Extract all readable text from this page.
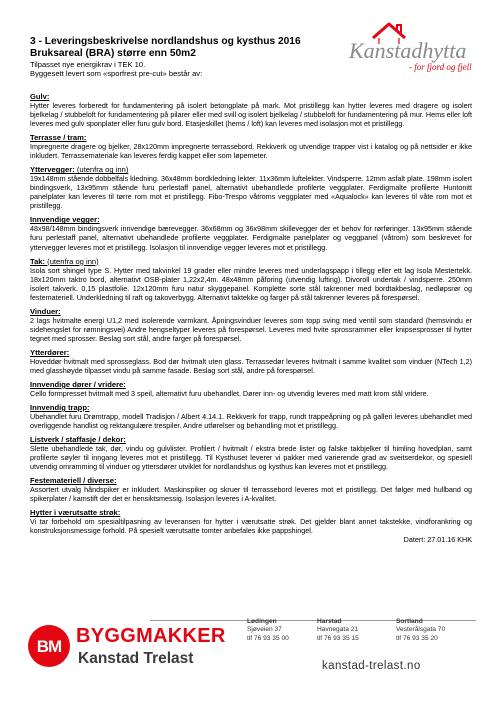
3 - Leveringsbeskrivelse nordlandshus og kysthus 2016

Bruksareal (BRA) større enn 50m2

Tilpasset nye energikrav i TEK 10.

Byggesett levert som «sporfrest pre-cut» består av:

Kanstadhytta
- for fjord og fjell
Gulv:
Hytter leveres forberedt for fundamentering på isolert betongplate på mark. Mot pristillegg kan hytter leveres med dragere og isolert bjelkelag / stubbeloft for fundamentering på pilarer eller med svill og isolert bjelkelag / stubbeloft for fundamentering på mur. Hems eller loft leveres med gulv sponplater eller furu gulv bord. Etasjeskillet (hems / loft) kan leveres med isolasjon mot et pristillegg.
Terrasse / tram:
Impregnerte dragere og bjelker, 28x120mm impregnerte terrassebord. Rekkverk og utvendige trapper vist i katalog og på nettsider er ikke inkludert. Terrassemateriale kan leveres ferdig kappet eller som løpemeter.
Yttervegger: (utenfra og inn)
19x148mm stående dobbelfals kledning. 36x48mm bordkledning lekter. 11x36mm luftelekter. Vindsperre. 12mm asfalt plate. 198mm isolert bindingsverk, 13x95mm stående furu perlestaff panel, alternativt ubehandlede profilerte veggplater. Ferdigmalte profilerte Huntonitt panelplater kan leveres til tørre rom mot et pristillegg. Fibo-Trespo våtroms veggplater med «Aqualock» kan leveres til våte rom mot et pristillegg.
Innvendige vegger:
48x98/148mm bindingsverk innvendige bærevegger. 36x68mm og 36x98mm skillevegger der et behov for rørføringer. 13x95mm stående furu perlestaff panel, alternativt ubehandlede profilerte veggplater. Ferdigmalte panelplater og veggpanel (våtrom) som beskrevet for yttervegger leveres mot et pristillegg. Isolasjon til innvendige vegger leveres mot et pristillegg.
Tak: (utenfra og inn)
Isola sort shingel type S. Hytter med takvinkel 19 grader eller mindre leveres med underlagspapp i tillegg eller ett lag Isola Mestertekk. 18x120mm taktro bord, alternativt OSB-plater 1,22x2,4m. 48x48mm påforing (utvendig lufting). Divoroll undertak / vindsperre. 250mm isolert takverk. 0,15 plastfolie. 12x120mm furu natur skyggepanel. Komplette sorte stål takrenner med bordtakbeslag, nedløpsrør og festemateriell. Underkledning til raft og takoverbygg. Alternativt taktekke og farger på stål takrenner leveres på forespørsel.
Vinduer:
2 lags hvitmalte energi U1,2 med isolerende varmkant. Åpningsvinduer leveres som topp sving med ventil som standard (hemsvindu er sidehengslet for rømningsvei) Andre hengseltyper leveres på forespørsel. Leveres med hvite sprossrammer eller knipsesprosser til hytter tegnet med sprosser. Beslag sort stål, andre farger på forespørsel.
Ytterdører:
Hoveddør hvitmalt med sprosseglass. Bod dør hvitmalt uten glass. Terrassedør leveres hvitmalt i samme kvalitet som vinduer (NTech 1,2) med glasshøyde tilpasset vindu på samme fasade. Beslag sort stål, andre på forespørsel.
Innvendige dører / vridere:
Cello formpresset hvitmalt med 3 speil, alternativt furu ubehandlet. Dører inn- og utvendig leveres med matt krom stål vridere.
Innvendig trapp:
Ubehandlet furu Drømtrapp, modell Tradisjon / Albert 4.14.1. Rekkverk for trapp, rundt trappeåpning og på galleri leveres ubehandlet med overliggende handlist og rektangulære trespiler. Andre utførelser og behandling mot et pristillegg.
Listverk / staffasje / dekor:
Slette ubehandlede tak, dør, vindu og gulvlister. Profilert / hvitmalt / ekstra brede lister og falske takbjelker til himling hovedplan, samt profilerte søyler til inngang leveres mot et pristillegg. Til Kysthuset leverer vi pakker med varierende grad av sveitserdekor, og spesiell utvendig omramming til vinduer og yttersdører utviklet for nordlandshus og kysthus kan leveres mot et pristillegg.
Festemateriell / diverse:
Assortert utvalg håndspiker er inkludert. Maskinspiker og skruer til terrassebord leveres mot et pristillegg. Det følger med hullband og spikerplater / kamstift der det er hensiktsmessig. Isolasjon leveres i A-kvalitet.
Hytter i værutsatte strøk:
Vi tar forbehold om spesialtilpasning av leveransen for hytter i værutsatte strøk. Det gjelder blant annet takstekke, vindforankring og konstruksjonsmessige forhold. På spesielt værutsatte tomter anbefales ikke pappshingel.
Datert: 27.01.16 KHK
BM BYGGMAKKER
Kanstad Trelast
Lødingen
Sjøveien 37
tlf 76 93 35 00
Harstad
Havnegata 21
tlf 76 93 35 15
Sortland
Vesterålsgata 70
tlf 76 93 35 20
kanstad-trelast.no
